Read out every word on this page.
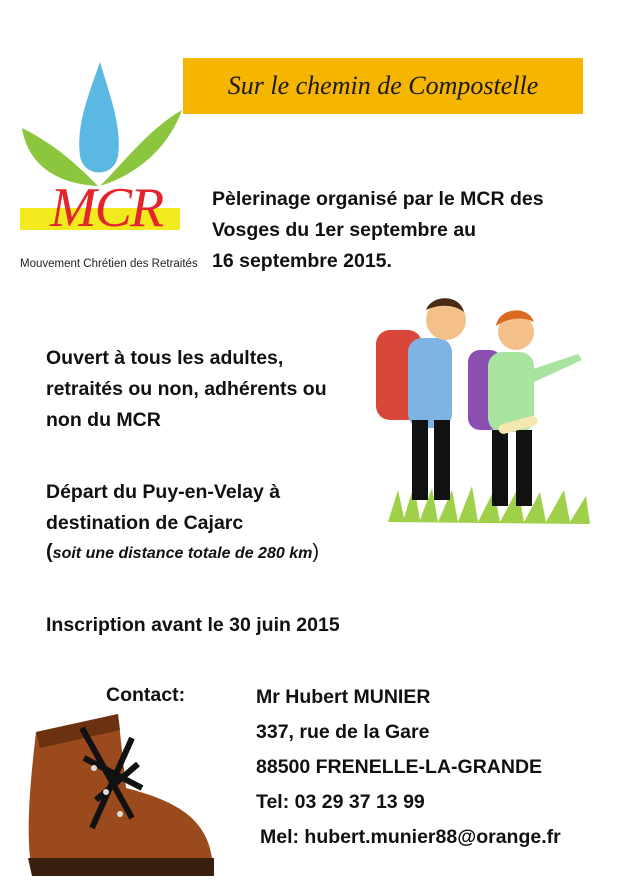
MCR
Mouvement Chrétien des Retraités
Sur le chemin de Compostelle
Pèlerinage organisé par le MCR des
Vosges du 1er septembre au
16 septembre 2015.
Ouvert à tous les adultes,
retraités ou non, adhérents ou
non du MCR
Départ du Puy-en-Velay à
destination de Cajarc
(soit une distance totale de 280 km)
Inscription avant le 30 juin 2015
Contact:	Mr Hubert MUNIER
337, rue de la Gare
88500 FRENELLE-LA-GRANDE
Tel: 03 29 37 13 99
Mel: hubert.munier88@orange.fr
